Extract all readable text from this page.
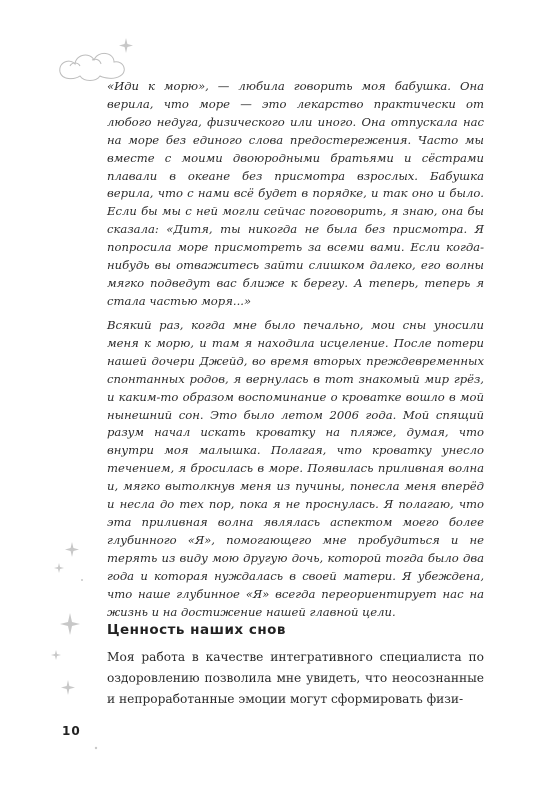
«Иди к морю», — любила говорить моя бабушка. Она верила, что море — это лекарство практически от любого недуга, физического или иного. Она отпускала нас на море без единого слова предостережения. Часто мы вместе с моими двоюродными братьями и сёстрами плавали в океане без присмотра взрослых. Бабушка верила, что с нами всё будет в порядке, и так оно и было. Если бы мы с ней могли сейчас поговорить, я знаю, она бы сказала: «Дитя, ты никогда не была без присмотра. Я попросила море присмотреть за всеми вами. Если когда-нибудь вы отважитесь зайти слишком далеко, его волны мягко подведут вас ближе к берегу. А теперь, теперь я стала частью моря...»

Всякий раз, когда мне было печально, мои сны уносили меня к морю, и там я находила исцеление. После потери нашей дочери Джейд, во время вторых преждевременных спонтанных родов, я вернулась в тот знакомый мир грёз, и каким-то образом воспоминание о кроватке вошло в мой нынешний сон. Это было летом 2006 года. Мой спящий разум начал искать кроватку на пляже, думая, что внутри моя малышка. Полагая, что кроватку унесло течением, я бросилась в море. Появилась приливная волна и, мягко вытолкнув меня из пучины, понесла меня вперёд и несла до тех пор, пока я не проснулась. Я полагаю, что эта приливная волна являлась аспектом моего более глубинного «Я», помогающего мне пробудиться и не терять из виду мою другую дочь, которой тогда было два года и которая нуждалась в своей матери. Я убеждена, что наше глубинное «Я» всегда переориентирует нас на жизнь и на достижение нашей главной цели.

Ценность наших снов

Моя работа в качестве интегративного специалиста по оздоровлению позволила мне увидеть, что неосознанные и непроработанные эмоции могут сформировать физи-

10
